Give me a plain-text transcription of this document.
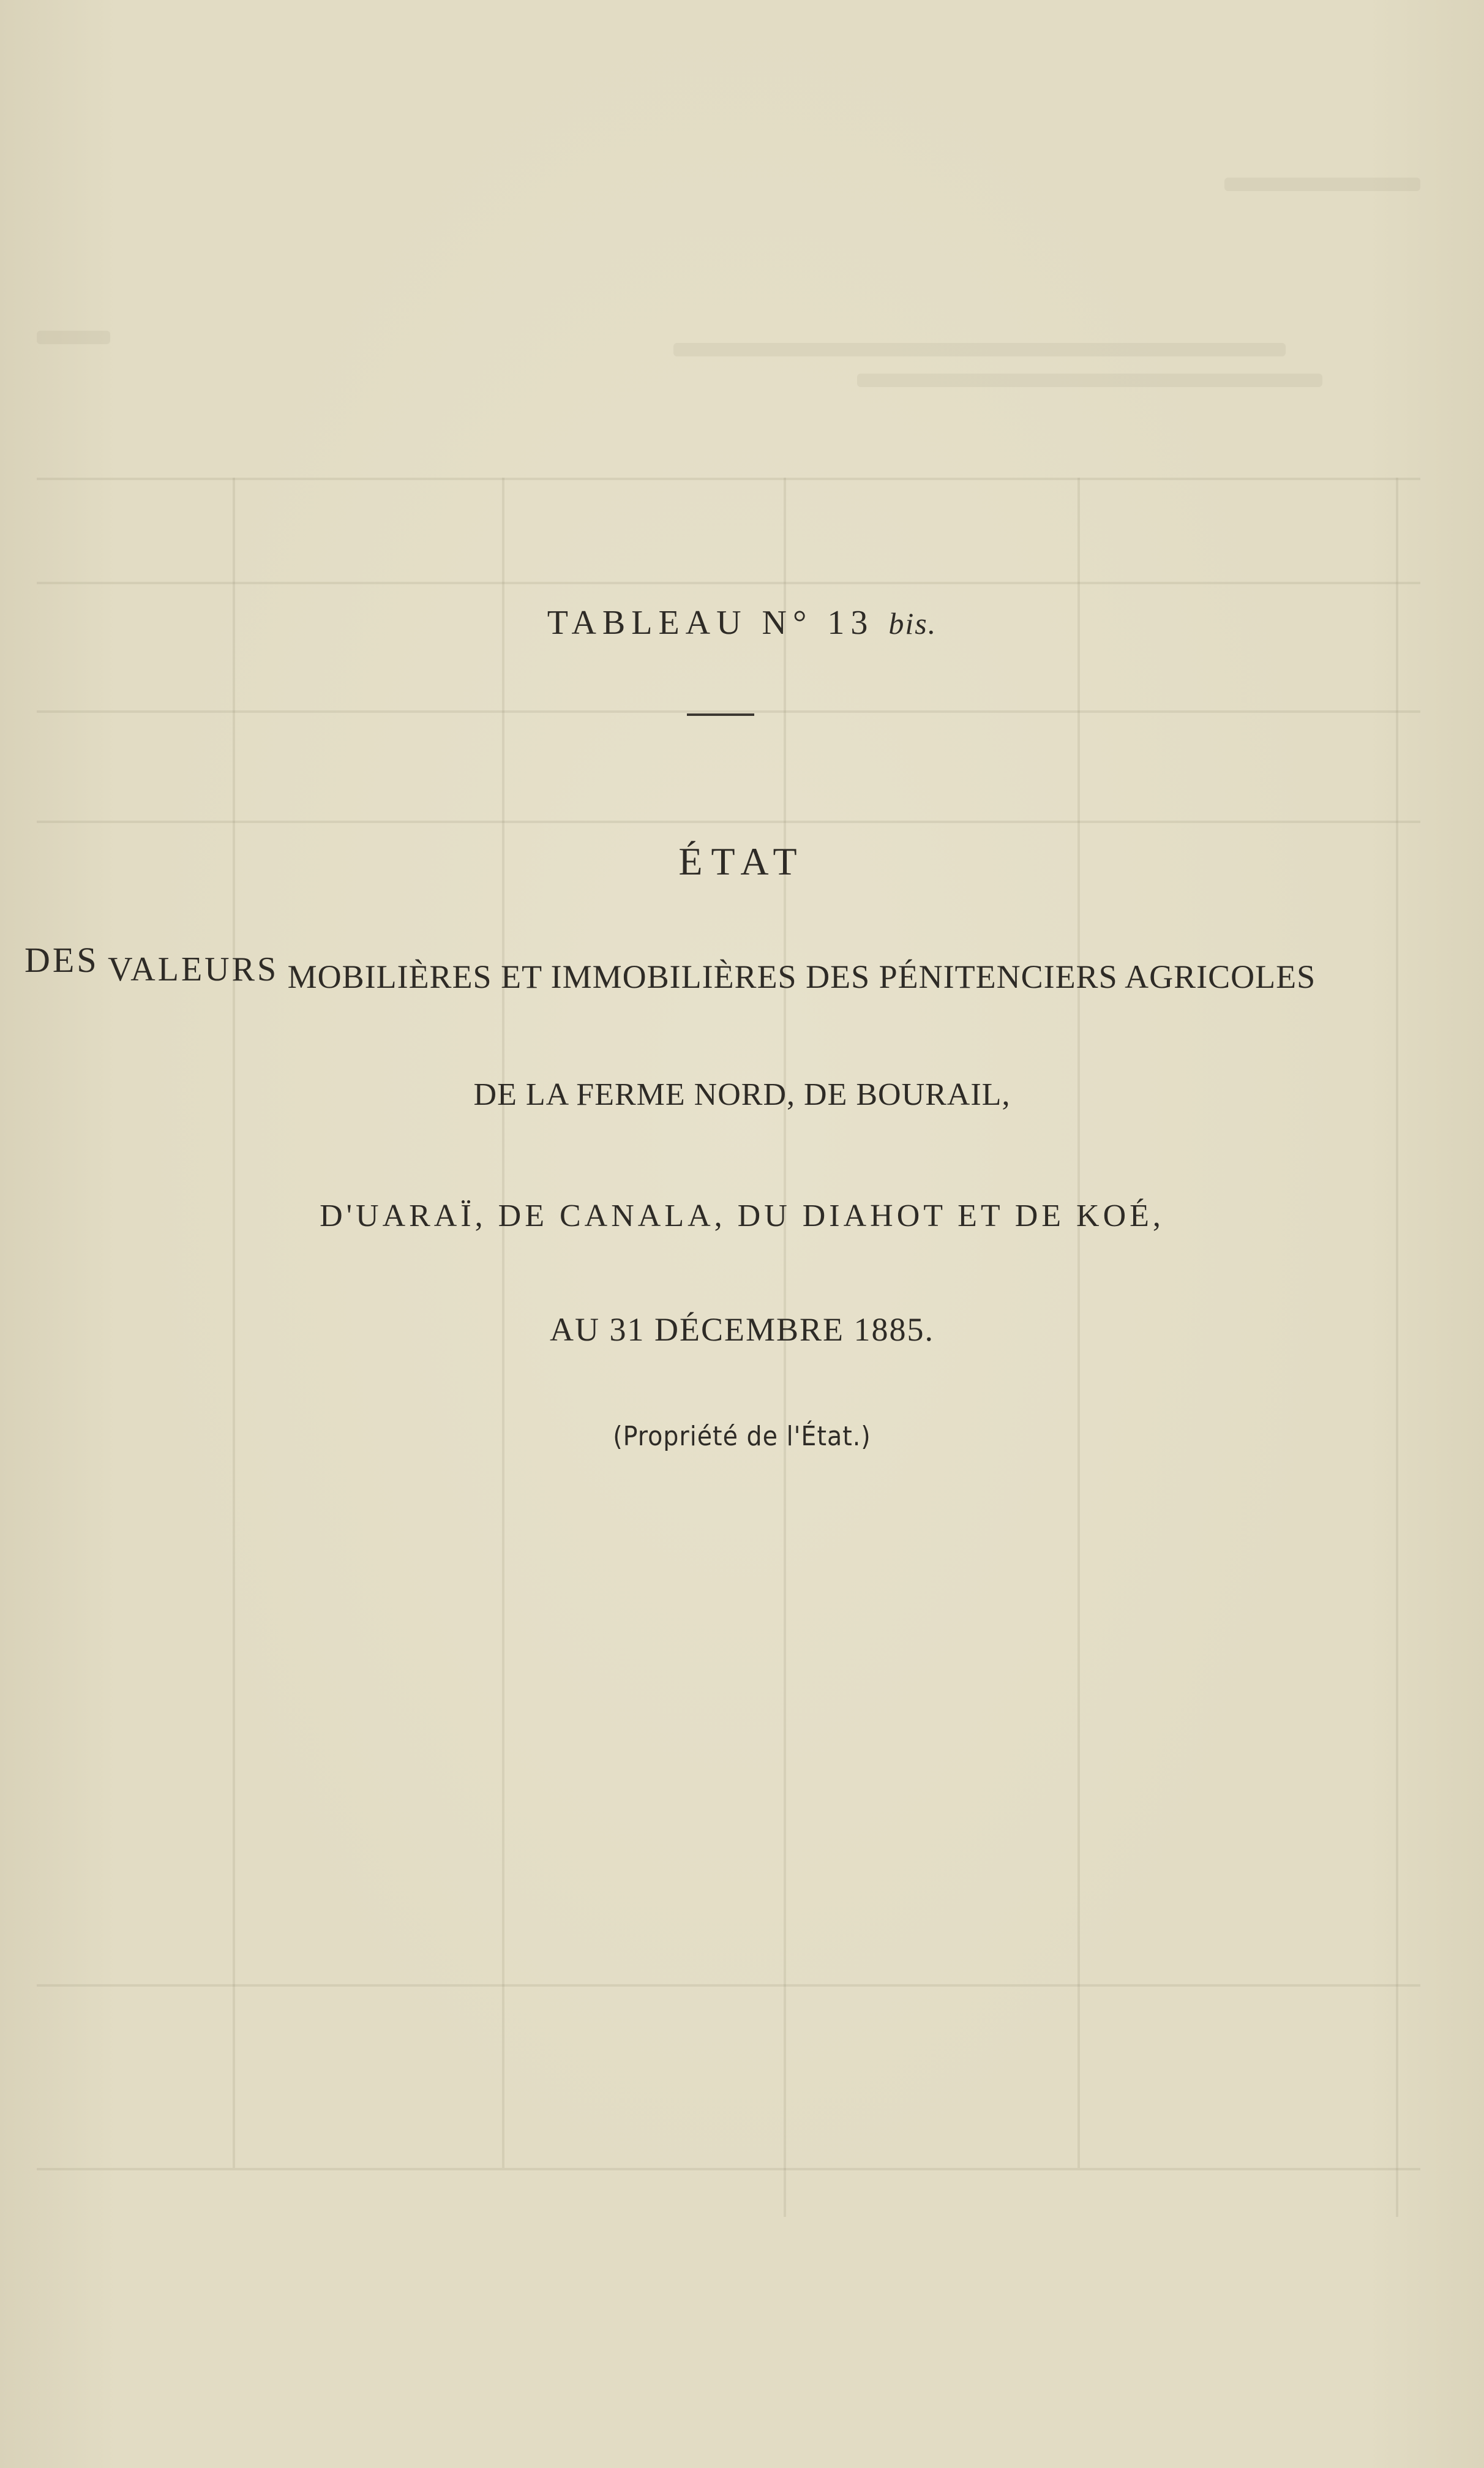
TABLEAU N° 13 bis.
ÉTAT
DES VALEURS MOBILIÈRES ET IMMOBILIÈRES DES PÉNITENCIERS AGRICOLES
DE LA FERME NORD, DE BOURAIL,
D'UARAÏ, DE CANALA, DU DIAHOT ET DE KOÉ,
AU 31 DÉCEMBRE 1885.
(Propriété de l'État.)
